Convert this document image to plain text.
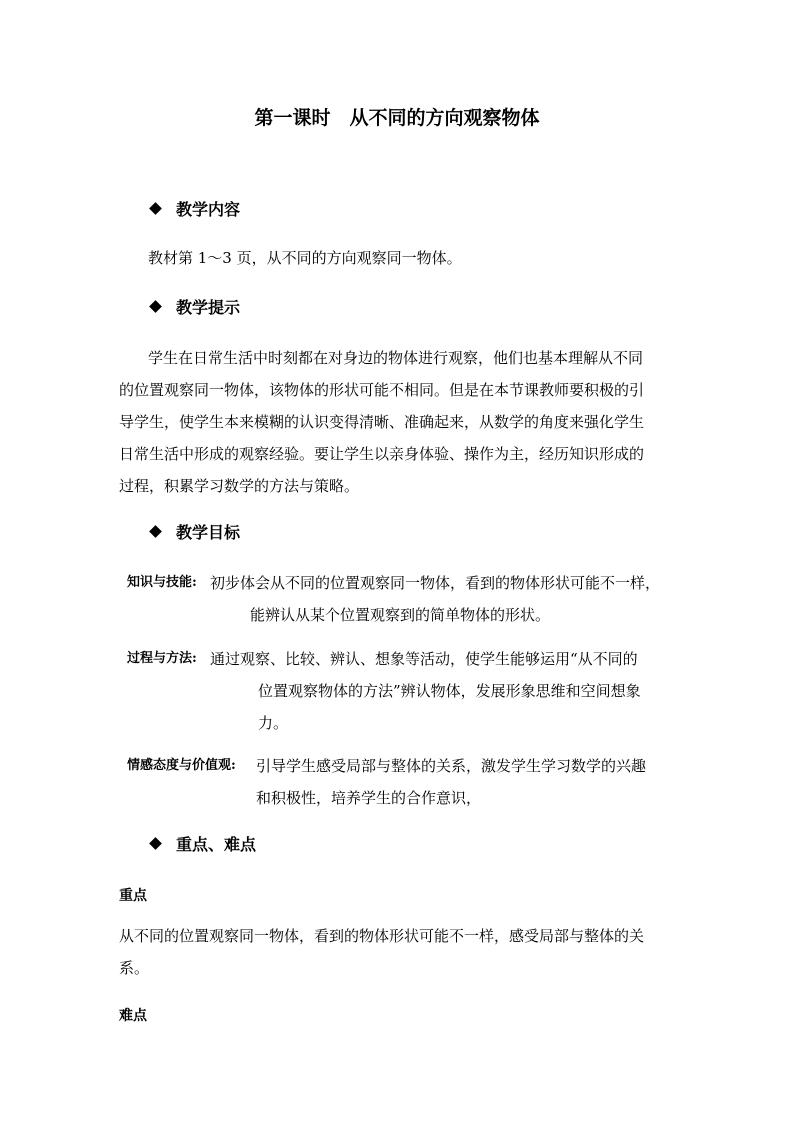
第一课时　从不同的方向观察物体
教学内容
教材第 1～3 页，从不同的方向观察同一物体。
教学提示
学生在日常生活中时刻都在对身边的物体进行观察，他们也基本理解从不同
的位置观察同一物体，该物体的形状可能不相同。但是在本节课教师要积极的引
导学生，使学生本来模糊的认识变得清晰、准确起来，从数学的角度来强化学生
日常生活中形成的观察经验。要让学生以亲身体验、操作为主，经历知识形成的
过程，积累学习数学的方法与策略。
教学目标
知识与技能: 初步体会从不同的位置观察同一物体，看到的物体形状可能不一样，
能辨认从某个位置观察到的简单物体的形状。
过程与方法: 通过观察、比较、辨认、想象等活动，使学生能够运用“从不同的
位置观察物体的方法”辨认物体，发展形象思维和空间想象
力。
情感态度与价值观: 引导学生感受局部与整体的关系，激发学生学习数学的兴趣
和积极性，培养学生的合作意识，
重点、难点
重点
从不同的位置观察同一物体，看到的物体形状可能不一样，感受局部与整体的关
系。
难点
